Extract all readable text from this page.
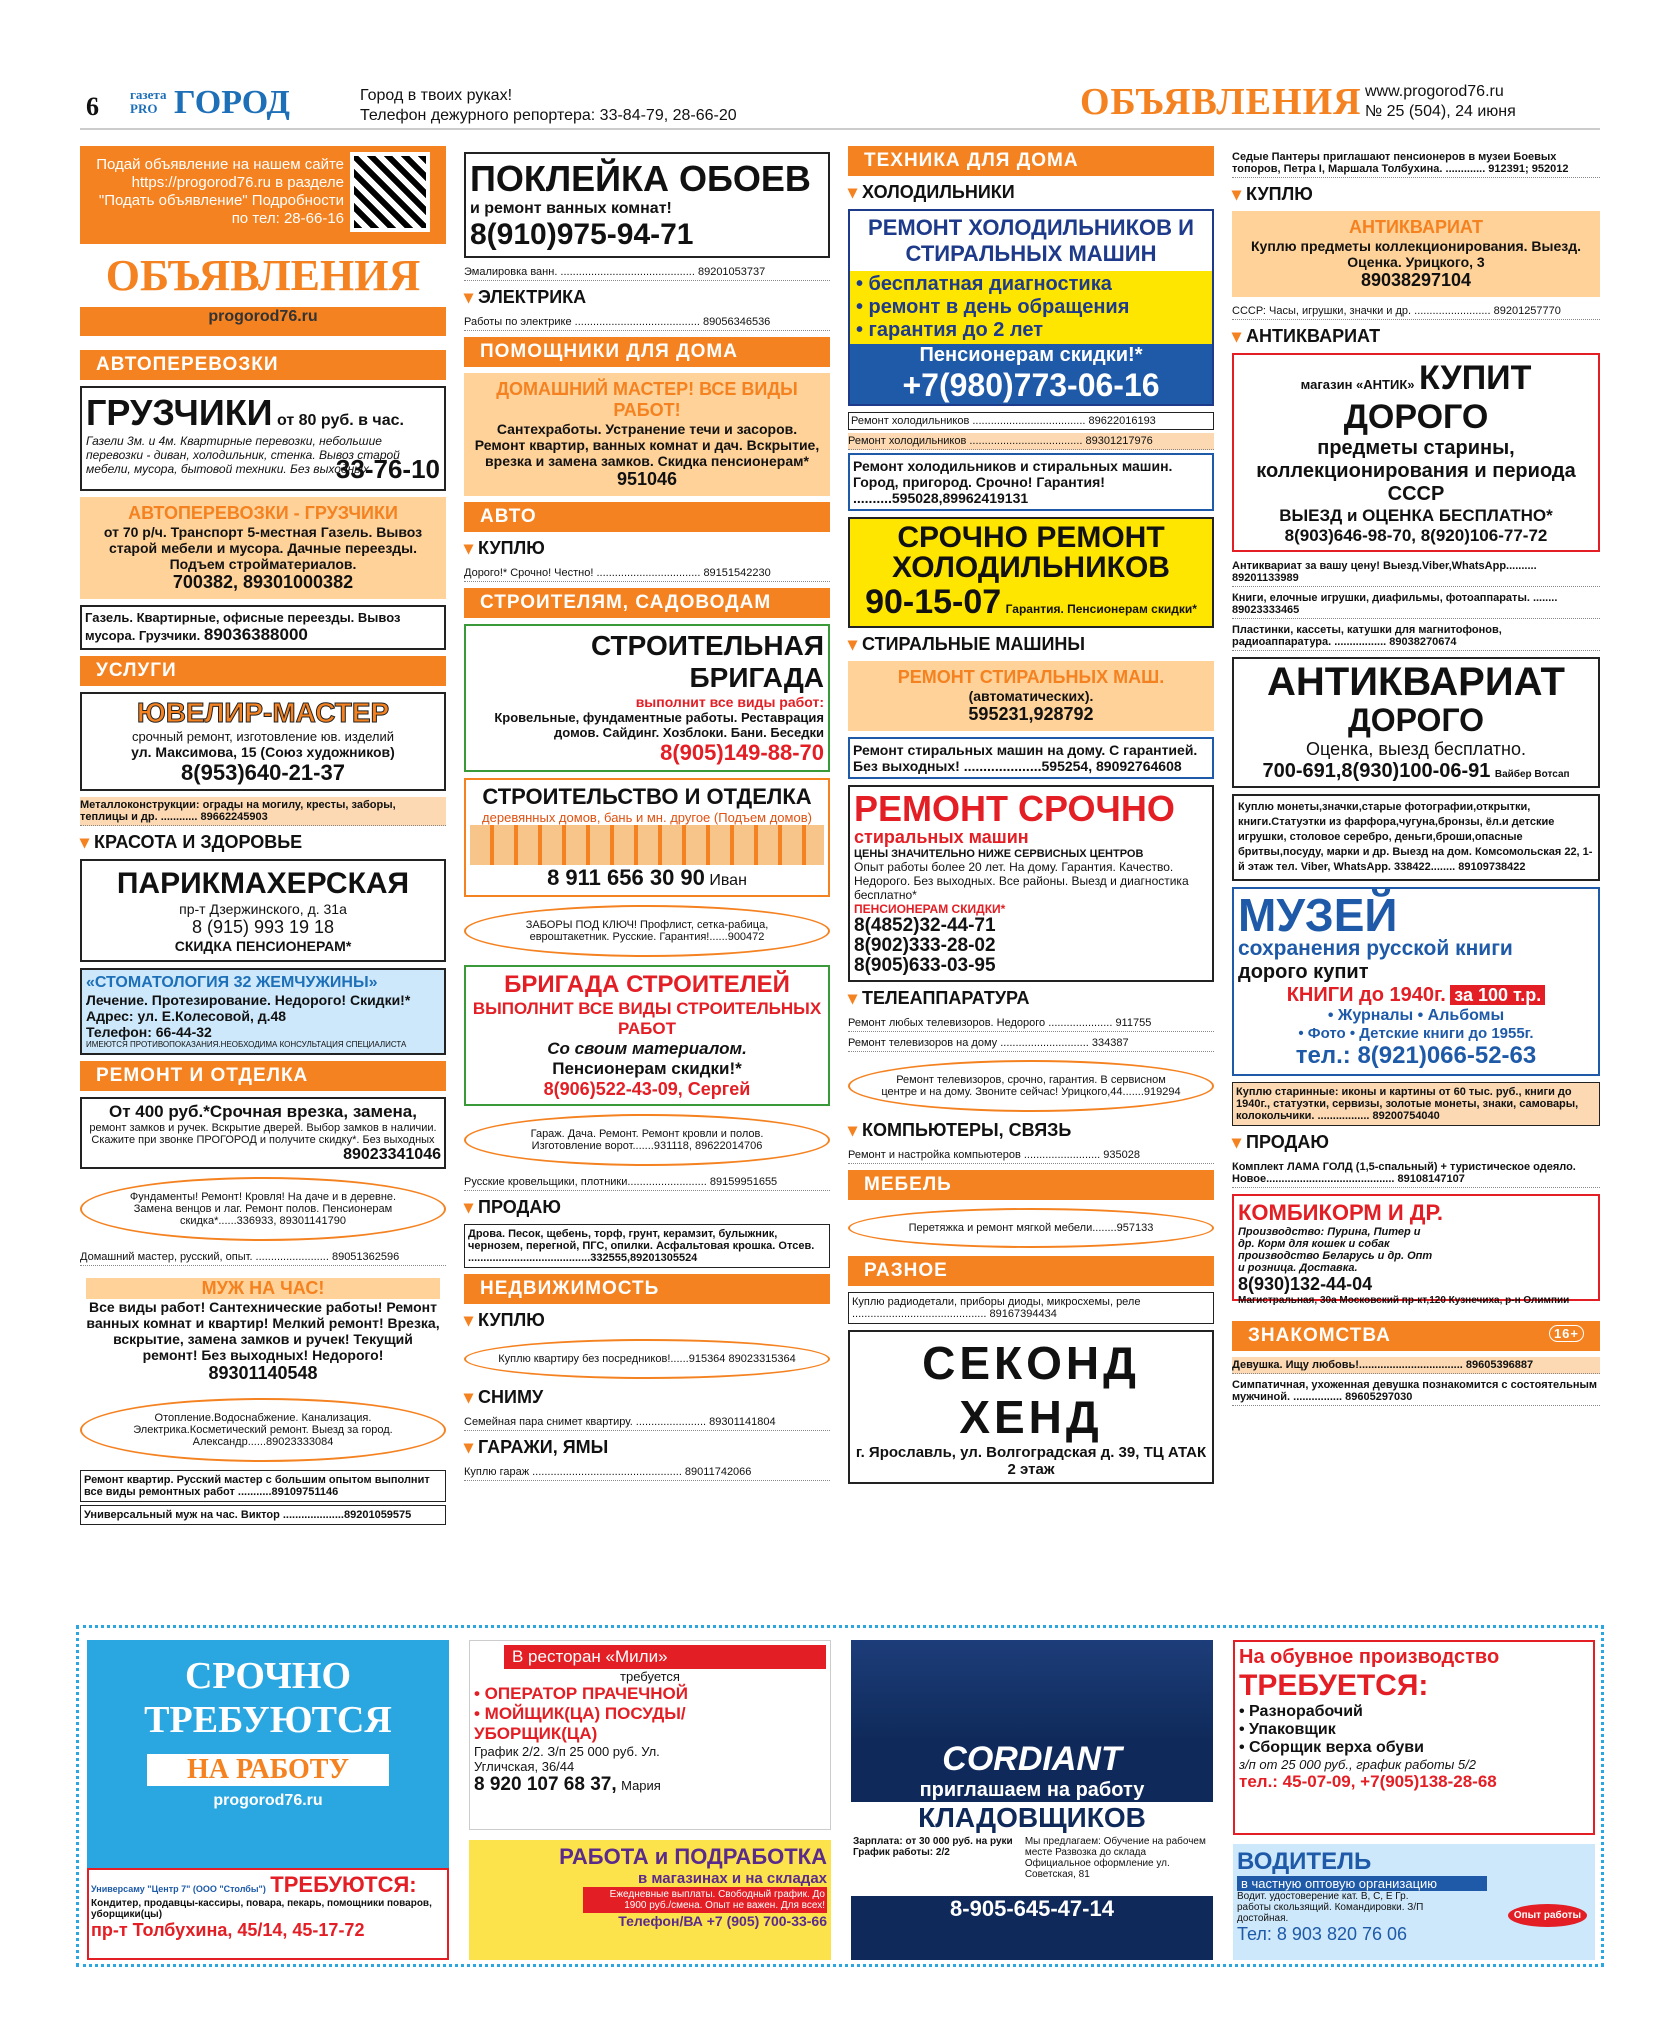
6 газета PRO ГОРОД	Город в твоих руках!
Телефон дежурного репортера: 33-84-79, 28-66-20	ОБЪЯВЛЕНИЯ www.progorod76.ru
№ 25 (504), 24 июня
Подай объявление на нашем сайте https://progorod76.ru в разделе "Подать объявление" Подробности по тел: 28-66-16
ОБЪЯВЛЕНИЯ
progorod76.ru
АВТОПЕРЕВОЗКИ
ГРУЗЧИКИ от 80 руб. в час.
Газели 3м. и 4м. Квартирные перевозки, небольшие перевозки - диван, холодильник, стенка. Вывоз старой мебели, мусора, бытовой техники. Без выходных.
33-76-10
АВТОПЕРЕВОЗКИ - ГРУЗЧИКИ
от 70 р/ч. Транспорт 5-местная Газель. Вывоз старой мебели и мусора. Дачные переезды. Подъем стройматериалов.
700382, 89301000382
Газель. Квартирные, офисные переезды. Вывоз мусора. Грузчики. 89036388000
УСЛУГИ
ЮВЕЛИР-МАСТЕР
срочный ремонт, изготовление юв. изделий
ул. Максимова, 15 (Союз художников)
8(953)640-21-37
Металлоконструкции: ограды на могилу, кресты, заборы, теплицы и др. ............ 89662245903
▾ КРАСОТА И ЗДОРОВЬЕ
ПАРИКМАХЕРСКАЯ
пр-т Дзержинского, д. 31а
8 (915) 993 19 18
СКИДКА ПЕНСИОНЕРАМ*
«СТОМАТОЛОГИЯ 32 ЖЕМЧУЖИНЫ»
Лечение. Протезирование. Недорого! Скидки!*
Адрес: ул. Е.Колесовой, д.48
Телефон: 66-44-32
ИМЕЮТСЯ ПРОТИВОПОКАЗАНИЯ.НЕОБХОДИМА КОНСУЛЬТАЦИЯ СПЕЦИАЛИСТА
РЕМОНТ И ОТДЕЛКА
От 400 руб.*Срочная врезка, замена,
ремонт замков и ручек. Вскрытие дверей. Выбор замков в наличии. Скажите при звонке ПРОГОРОД и получите скидку*. Без выходных
89023341046
Фундаменты! Ремонт! Кровля! На даче и в деревне. Замена венцов и лаг. Ремонт полов. Пенсионерам скидка*......336933, 89301141790
Домашний мастер, русский, опыт. ........................ 89051362596
МУЖ НА ЧАС!
Все виды работ! Сантехнические работы! Ремонт ванных комнат и квартир! Мелкий ремонт! Врезка, вскрытие, замена замков и ручек! Текущий ремонт! Без выходных! Недорого!
89301140548
Отопление.Водоснабжение. Канализация. Электрика.Косметический ремонт. Выезд за город. Александр......89023333084
Ремонт квартир. Русский мастер с большим опытом выполнит все виды ремонтных работ ...........89109751146
Универсальный муж на час. Виктор ....................89201059575
ПОКЛЕЙКА ОБОЕВ
и ремонт ванных комнат!
8(910)975-94-71
Эмалировка ванн. ............................................ 89201053737
▾ ЭЛЕКТРИКА
Работы по электрике ......................................... 89056346536
ПОМОЩНИКИ ДЛЯ ДОМА
ДОМАШНИЙ МАСТЕР! ВСЕ ВИДЫ РАБОТ!
Сантехработы. Устранение течи и засоров. Ремонт квартир, ванных комнат и дач. Вскрытие, врезка и замена замков. Скидка пенсионерам*
951046
АВТО
▾ КУПЛЮ
Дорого!* Срочно! Честно! .................................. 89151542230
СТРОИТЕЛЯМ, САДОВОДАМ
СТРОИТЕЛЬНАЯ БРИГАДА
выполнит все виды работ:
Кровельные, фундаментные работы. Реставрация домов. Сайдинг. Хозблоки. Бани. Беседки
8(905)149-88-70
СТРОИТЕЛЬСТВО И ОТДЕЛКА
деревянных домов, бань и мн. другое (Подъем домов)
8 911 656 30 90 Иван
ЗАБОРЫ ПОД КЛЮЧ! Профлист, сетка-рабица, евроштакетник. Русские. Гарантия!......900472
БРИГАДА СТРОИТЕЛЕЙ
ВЫПОЛНИТ ВСЕ ВИДЫ СТРОИТЕЛЬНЫХ РАБОТ
Со своим материалом.
Пенсионерам скидки!*
8(906)522-43-09, Сергей
Гараж. Дача. Ремонт. Ремонт кровли и полов. Изготовление ворот.......931118, 89622014706
Русские кровельщики, плотники.......................... 89159951655
▾ ПРОДАЮ
Дрова. Песок, щебень, торф, грунт, керамзит, булыжник, чернозем, перегной, ПГС, опилки. Асфальтовая крошка. Отсев. ........................................332555,89201305524
НЕДВИЖИМОСТЬ
▾ КУПЛЮ
Куплю квартиру без посредников!......915364 89023315364
▾ СНИМУ
Семейная пара снимет квартиру. ....................... 89301141804
▾ ГАРАЖИ, ЯМЫ
Куплю гараж ................................................. 89011742066
ТЕХНИКА ДЛЯ ДОМА
▾ ХОЛОДИЛЬНИКИ
РЕМОНТ ХОЛОДИЛЬНИКОВ И СТИРАЛЬНЫХ МАШИН
• бесплатная диагностика
• ремонт в день обращения
• гарантия до 2 лет
Пенсионерам скидки!*
+7(980)773-06-16
Ремонт холодильников ..................................... 89622016193
Ремонт холодильников ..................................... 89301217976
Ремонт холодильников и стиральных машин. Город, пригород. Срочно! Гарантия! ..........595028,89962419131
СРОЧНО РЕМОНТ ХОЛОДИЛЬНИКОВ
90-15-07 Гарантия. Пенсионерам скидки*
▾ СТИРАЛЬНЫЕ МАШИНЫ
РЕМОНТ СТИРАЛЬНЫХ МАШ.
(автоматических).
595231,928792
Ремонт стиральных машин на дому. С гарантией. Без выходных! ....................595254, 89092764608
РЕМОНТ СРОЧНО
стиральных машин
ЦЕНЫ ЗНАЧИТЕЛЬНО НИЖЕ СЕРВИСНЫХ ЦЕНТРОВ
Опыт работы более 20 лет. На дому. Гарантия. Качество. Недорого. Без выходных. Все районы. Выезд и диагностика бесплатно*
ПЕНСИОНЕРАМ СКИДКИ*
8(4852)32-44-71
8(902)333-28-02
8(905)633-03-95
▾ ТЕЛЕАППАРАТУРА
Ремонт любых телевизоров. Недорого ..................... 911755
Ремонт телевизоров на дому ............................. 334387
Ремонт телевизоров, срочно, гарантия. В сервисном центре и на дому. Звоните сейчас! Урицкого,44.......919294
▾ КОМПЬЮТЕРЫ, СВЯЗЬ
Ремонт и настройка компьютеров ......................... 935028
МЕБЕЛЬ
Перетяжка и ремонт мягкой мебели........957133
РАЗНОЕ
Куплю радиодетали, приборы диоды, микросхемы, реле ............................................ 89167394434
СЕКОНД ХЕНД
г. Ярославль, ул. Волгоградская д. 39, ТЦ АТАК 2 этаж
Седые Пантеры приглашают пенсионеров в музеи Боевых топоров, Петра I, Маршала Толбухина. ............. 912391; 952012
▾ КУПЛЮ
АНТИКВАРИАТ
Куплю предметы коллекционирования. Выезд. Оценка. Урицкого, 3
89038297104
СССР: Часы, игрушки, значки и др. ......................... 89201257770
▾ АНТИКВАРИАТ
магазин «АНТИК» КУПИТ ДОРОГО
предметы старины, коллекционирования и периода СССР
ВЫЕЗД и ОЦЕНКА БЕСПЛАТНО*
8(903)646-98-70, 8(920)106-77-72
Антиквариат за вашу цену! Выезд.Viber,WhatsApp.......... 89201133989
Книги, елочные игрушки, диафильмы, фотоаппараты. ........ 89023333465
Пластинки, кассеты, катушки для магнитофонов, радиоаппаратура. ................. 89038270674
АНТИКВАРИАТ
ДОРОГО
Оценка, выезд бесплатно.
700-691,8(930)100-06-91 Вайбер Вотсап
Куплю монеты,значки,старые фотографии,открытки, книги.Статуэтки из фарфора,чугуна,бронзы, ёл.и детские игрушки, столовое серебро, деньги,броши,опасные бритвы,посуду, марки и др. Выезд на дом. Комсомольская 22, 1-й этаж тел. Viber, WhatsApp. 338422........ 89109738422
МУЗЕЙ
сохранения русской книги
дорого купит
КНИГИ до 1940г. за 100 т.р.
• Журналы • Альбомы
• Фото • Детские книги до 1955г.
тел.: 8(921)066-52-63
Куплю старинные: иконы и картины от 60 тыс. руб., книги до 1940г., статуэтки, сервизы, золотые монеты, знаки, самовары, колокольчики. ................. 89200754040
▾ ПРОДАЮ
Комплект ЛАМА ГОЛД (1,5-спальный) + туристическое одеяло. Новое.......................................... 89108147107
КОМБИКОРМ И ДР.
Производство: Пурина, Питер и др. Корм для кошек и собак производство Беларусь и др. Опт и розница. Доставка.
8(930)132-44-04
Магистральная, 30а Московский пр-кт,120 Кузнечиха, р-н Олимпии
ЗНАКОМСТВА	16+
Девушка. Ищу любовь!.................................. 89605396887
Симпатичная, ухоженная девушка познакомится с состоятельным мужчиной. ................ 89605297030
СРОЧНО
ТРЕБУЮТСЯ
НА РАБОТУ
progorod76.ru
Универсаму "Центр 7" (ООО "Столбы") ТРЕБУЮТСЯ:
Кондитер, продавцы-кассиры, повара, пекарь, помощники поваров, уборщики(цы)
пр-т Толбухина, 45/14, 45-17-72
В ресторан «Мили»
требуется
• ОПЕРАТОР ПРАЧЕЧНОЙ
• МОЙЩИК(ЦА) ПОСУДЫ/ УБОРЩИК(ЦА)
График 2/2. З/п 25 000 руб. Ул. Угличская, 36/44
8 920 107 68 37, Мария
РАБОТА и ПОДРАБОТКА
в магазинах и на складах
Ежедневные выплаты. Свободный график. До 1900 руб./смена. Опыт не важен. Для всех!
Телефон/ВА +7 (905) 700-33-66
CORDIANT
приглашаем на работу
КЛАДОВЩИКОВ
Зарплата: от 30 000 руб. на руки
График работы: 2/2
Мы предлагаем: Обучение на рабочем месте Развозка до склада Официальное оформление ул. Советская, 81
8-905-645-47-14
На обувное производство
ТРЕБУЕТСЯ:
• Разнорабочий
• Упаковщик
• Сборщик верха обуви
з/п от 25 000 руб., график работы 5/2
тел.: 45-07-09, +7(905)138-28-68
ВОДИТЕЛЬ
в частную оптовую организацию
Водит. удостоверение кат. В, С, Е Гр. работы скользящий. Командировки. З/П достойная.	Опыт работы
Тел: 8 903 820 76 06
